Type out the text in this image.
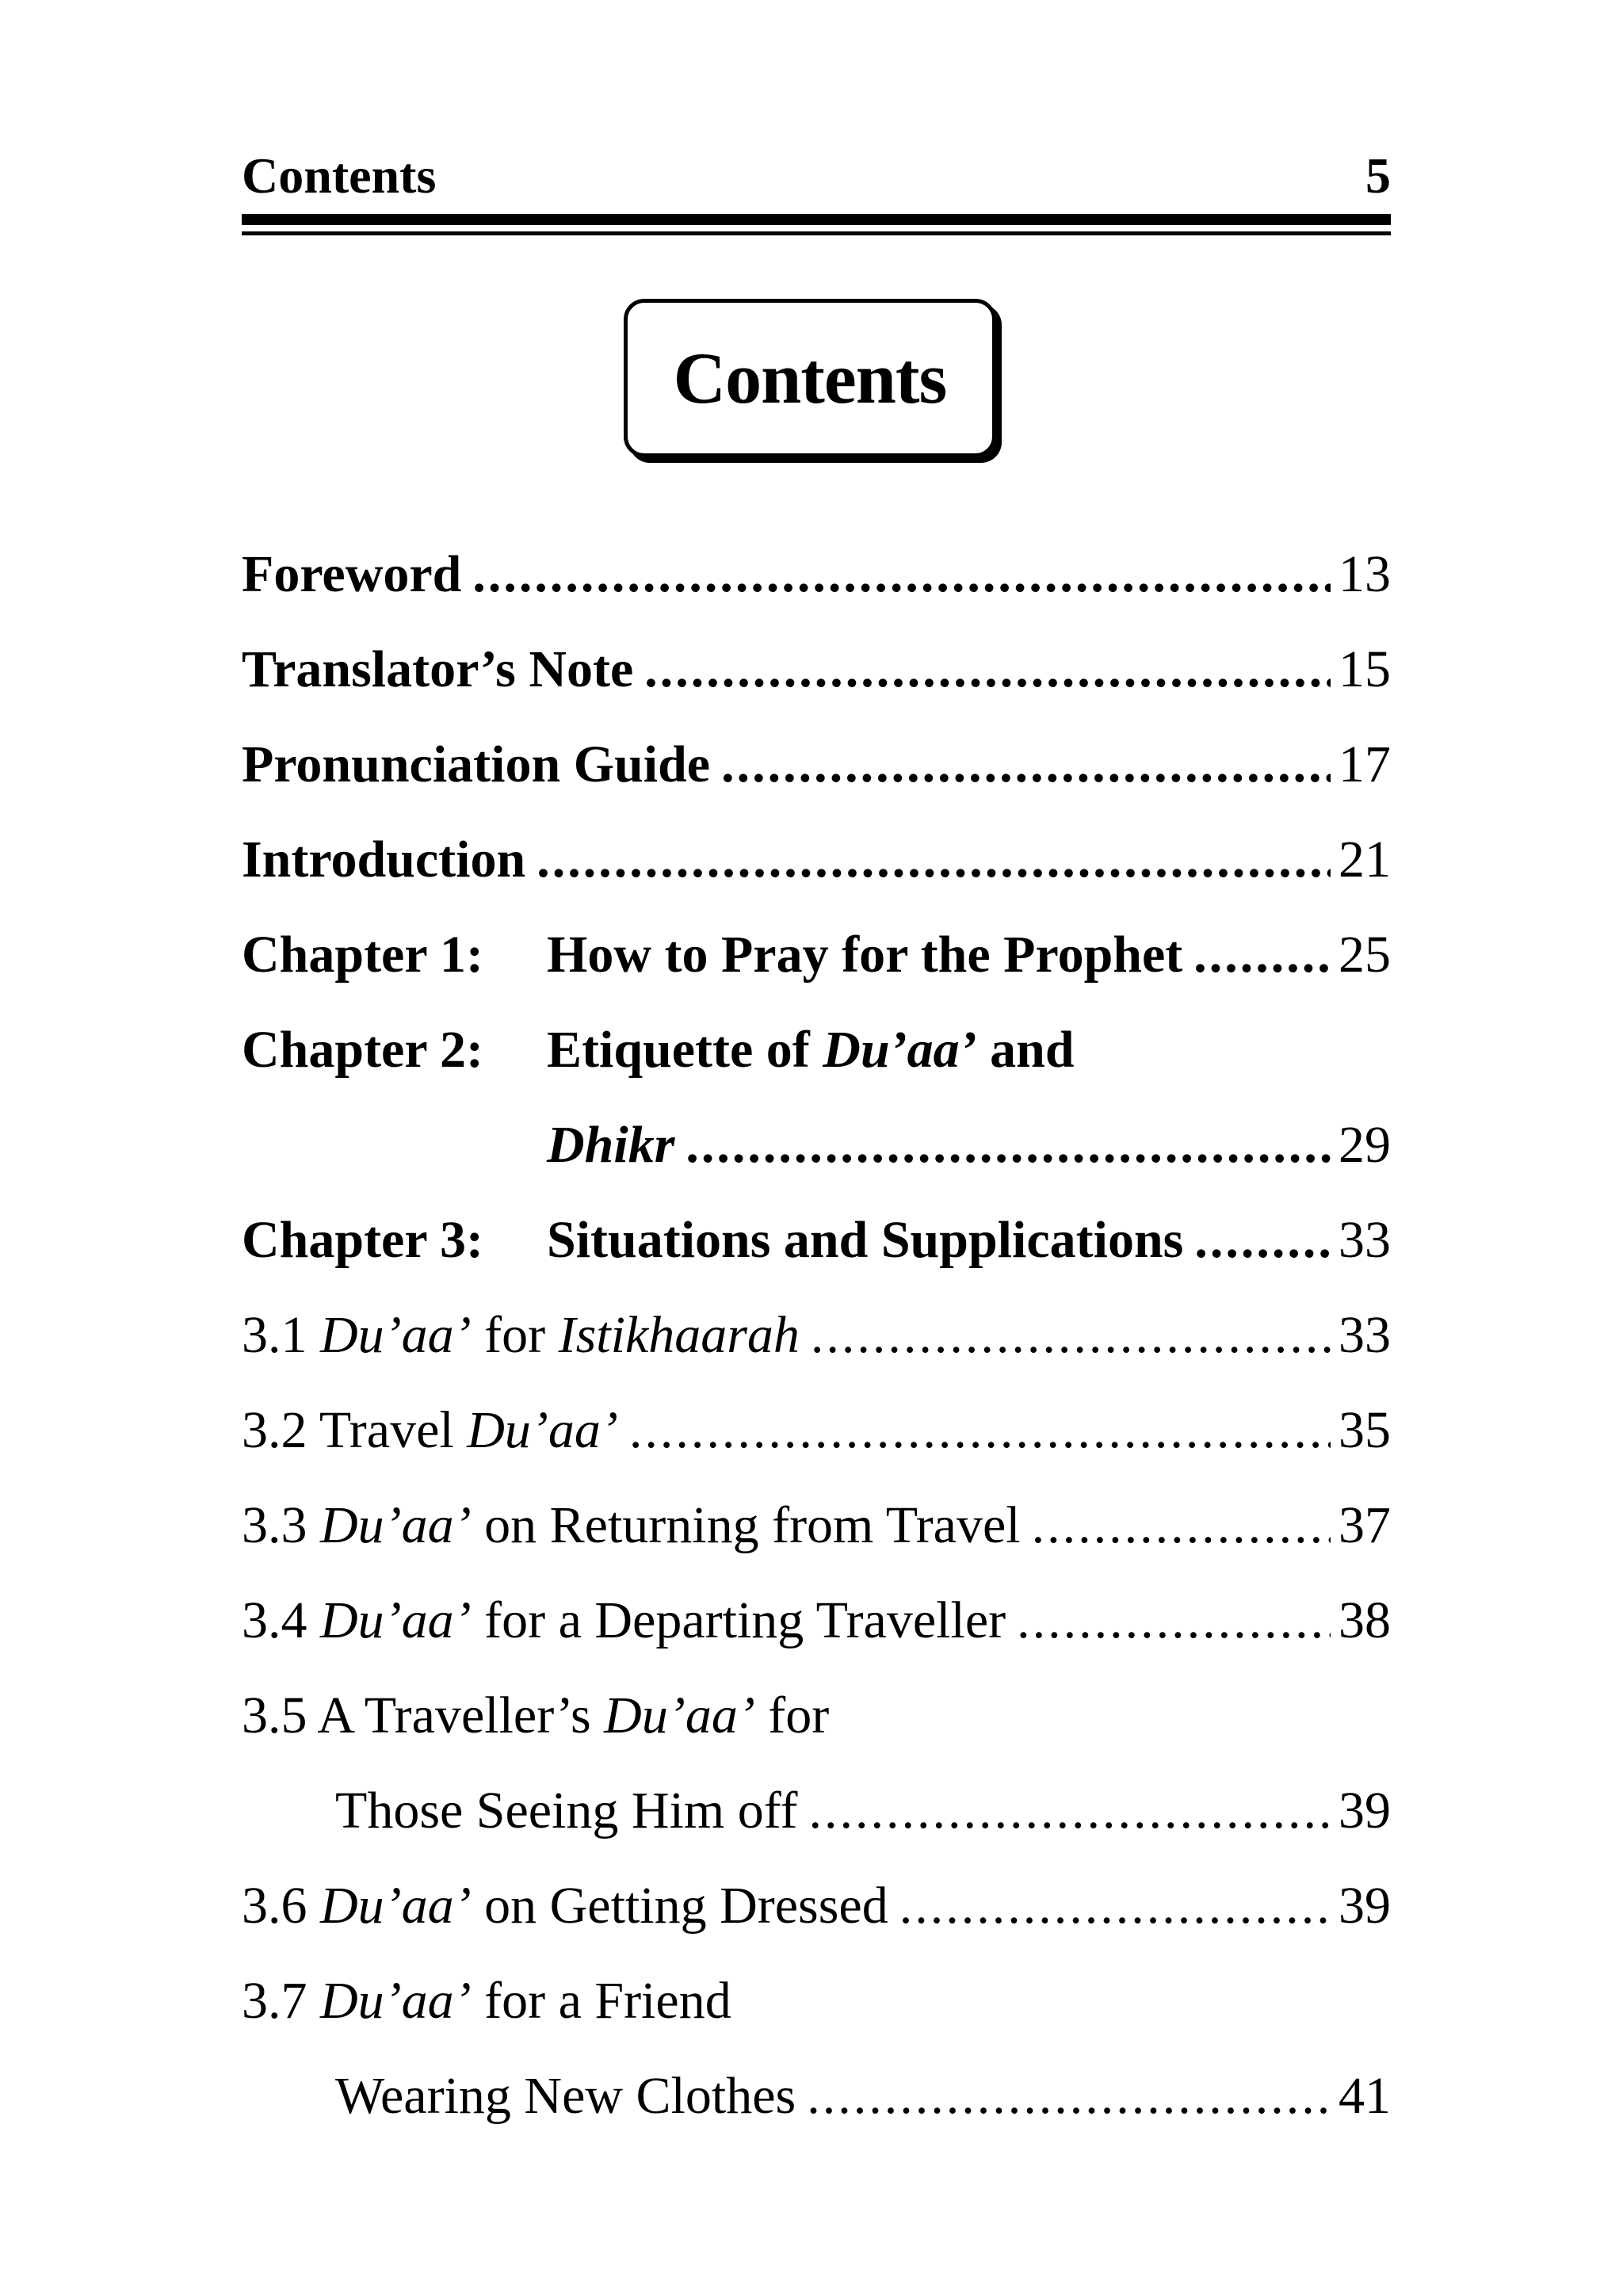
Contents	5
Contents
Foreword .....	13
Translator’s Note .....	15
Pronunciation Guide .....	17
Introduction .....	21
Chapter 1: How to Pray for the Prophet .....	25
Chapter 2: Etiquette of Du’aa’ and
Dhikr .....	29
Chapter 3: Situations and Supplications .....	33
3.1 Du’aa’ for Istikhaarah .....	33
3.2 Travel Du’aa’ .....	35
3.3 Du’aa’ on Returning from Travel .....	37
3.4 Du’aa’ for a Departing Traveller .....	38
3.5 A Traveller’s Du’aa’ for
Those Seeing Him off .....	39
3.6 Du’aa’ on Getting Dressed .....	39
3.7 Du’aa’ for a Friend
Wearing New Clothes .....	41
